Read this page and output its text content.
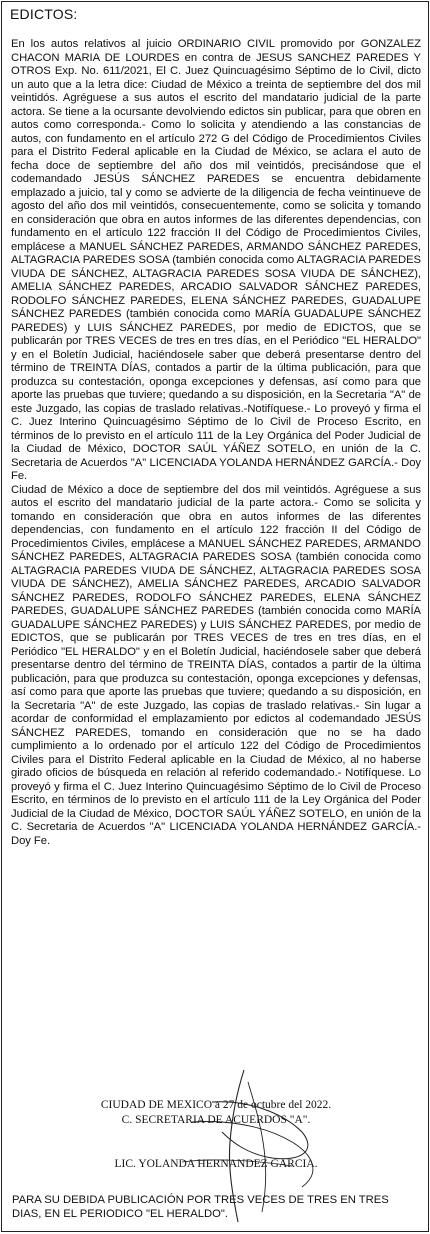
EDICTOS:

En los autos relativos al juicio ORDINARIO CIVIL promovido por GONZALEZ CHACON MARIA DE LOURDES en contra de JESUS SANCHEZ PAREDES Y OTROS Exp. No. 611/2021, El C. Juez Quincuagésimo Séptimo de lo Civil, dicto un auto que a la letra dice: Ciudad de México a treinta de septiembre del dos mil veintidós. Agréguese a sus autos el escrito del mandatario judicial de la parte actora. Se tiene a la ocursante devolviendo edictos sin publicar, para que obren en autos como corresponda.- Como lo solicita y atendiendo a las constancias de autos, con fundamento en el artículo 272 G del Código de Procedimientos Civiles para el Distrito Federal aplicable en la Ciudad de México, se aclara el auto de fecha doce de septiembre del año dos mil veintidós, precisándose que el codemandado JESÚS SÁNCHEZ PAREDES se encuentra debidamente emplazado a juicio, tal y como se advierte de la diligencia de fecha veintinueve de agosto del año dos mil veintidós, consecuentemente, como se solicita y tomando en consideración que obra en autos informes de las diferentes dependencias, con fundamento en el artículo 122 fracción II del Código de Procedimientos Civiles, emplácese a MANUEL SÁNCHEZ PAREDES, ARMANDO SÁNCHEZ PAREDES, ALTAGRACIA PAREDES SOSA (también conocida como ALTAGRACIA PAREDES VIUDA DE SÁNCHEZ, ALTAGRACIA PAREDES SOSA VIUDA DE SÁNCHEZ), AMELIA SÁNCHEZ PAREDES, ARCADIO SALVADOR SÁNCHEZ PAREDES, RODOLFO SÁNCHEZ PAREDES, ELENA SÁNCHEZ PAREDES, GUADALUPE SÁNCHEZ PAREDES (también conocida como MARÍA GUADALUPE SÁNCHEZ PAREDES) y LUIS SÁNCHEZ PAREDES, por medio de EDICTOS, que se publicarán por TRES VECES de tres en tres días, en el Periódico "EL HERALDO" y en el Boletín Judicial, haciéndosele saber que deberá presentarse dentro del término de TREINTA DÍAS, contados a partir de la última publicación, para que produzca su contestación, oponga excepciones y defensas, así como para que aporte las pruebas que tuviere; quedando a su disposición, en la Secretaria "A" de este Juzgado, las copias de traslado relativas.-Notifíquese.- Lo proveyó y firma el C. Juez Interino Quincuagésimo Séptimo de lo Civil de Proceso Escrito, en términos de lo previsto en el artículo 111 de la Ley Orgánica del Poder Judicial de la Ciudad de México, DOCTOR SAÚL YÁÑEZ SOTELO, en unión de la C. Secretaria de Acuerdos "A" LICENCIADA YOLANDA HERNÁNDEZ GARCÍA.- Doy Fe.

Ciudad de México a doce de septiembre del dos mil veintidós. Agréguese a sus autos el escrito del mandatario judicial de la parte actora.- Como se solicita y tomando en consideración que obra en autos informes de las diferentes dependencias, con fundamento en el artículo 122 fracción II del Código de Procedimientos Civiles, emplácese a MANUEL SÁNCHEZ PAREDES, ARMANDO SÁNCHEZ PAREDES, ALTAGRACIA PAREDES SOSA (también conocida como ALTAGRACIA PAREDES VIUDA DE SÁNCHEZ, ALTAGRACIA PAREDES SOSA VIUDA DE SÁNCHEZ), AMELIA SÁNCHEZ PAREDES, ARCADIO SALVADOR SÁNCHEZ PAREDES, RODOLFO SÁNCHEZ PAREDES, ELENA SÁNCHEZ PAREDES, GUADALUPE SÁNCHEZ PAREDES (también conocida como MARÍA GUADALUPE SÁNCHEZ PAREDES) y LUIS SÁNCHEZ PAREDES, por medio de EDICTOS, que se publicarán por TRES VECES de tres en tres días, en el Periódico "EL HERALDO" y en el Boletín Judicial, haciéndosele saber que deberá presentarse dentro del término de TREINTA DÍAS, contados a partir de la última publicación, para que produzca su contestación, oponga excepciones y defensas, así como para que aporte las pruebas que tuviere; quedando a su disposición, en la Secretaria "A" de este Juzgado, las copias de traslado relativas.- Sin lugar a acordar de conformidad el emplazamiento por edictos al codemandado JESÚS SÁNCHEZ PAREDES, tomando en consideración que no se ha dado cumplimiento a lo ordenado por el artículo 122 del Código de Procedimientos Civiles para el Distrito Federal aplicable en la Ciudad de México, al no haberse girado oficios de búsqueda en relación al referido codemandado.- Notifíquese. Lo proveyó y firma el C. Juez Interino Quincuagésimo Séptimo de lo Civil de Proceso Escrito, en términos de lo previsto en el artículo 111 de la Ley Orgánica del Poder Judicial de la Ciudad de México, DOCTOR SAÚL YÁÑEZ SOTELO, en unión de la C. Secretaria de Acuerdos "A" LICENCIADA YOLANDA HERNÁNDEZ GARCÍA.- Doy Fe.

CIUDAD DE MEXICO a 27 de octubre del 2022.
C. SECRETARIA DE ACUERDOS "A".
LIC. YOLANDA HERNANDEZ GARCIA.
PARA SU DEBIDA PUBLICACIÓN POR TRES VECES DE TRES EN TRES DIAS, EN EL PERIODICO "EL HERALDO".
